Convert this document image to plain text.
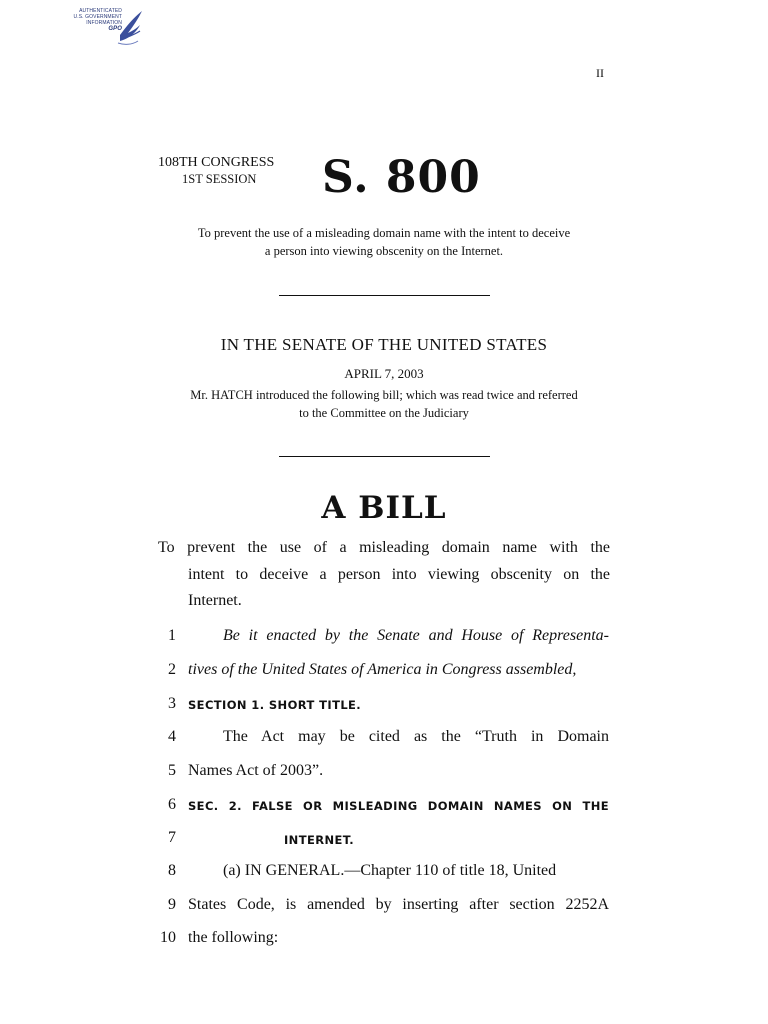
AUTHENTICATED
U.S. GOVERNMENT
INFORMATION
GPO
II
108TH CONGRESS
1ST SESSION S. 800
To prevent the use of a misleading domain name with the intent to deceive
a person into viewing obscenity on the Internet.
IN THE SENATE OF THE UNITED STATES
APRIL 7, 2003
Mr. HATCH introduced the following bill; which was read twice and referred
to the Committee on the Judiciary
A BILL
To prevent the use of a misleading domain name with the
intent to deceive a person into viewing obscenity on the
Internet.
1	Be it enacted by the Senate and House of Representa-
2 tives of the United States of America in Congress assembled,
3 SECTION 1. SHORT TITLE.
4	The Act may be cited as the “Truth in Domain
5 Names Act of 2003”.
6 SEC. 2. FALSE OR MISLEADING DOMAIN NAMES ON THE
7	INTERNET.
8	(a) IN GENERAL.—Chapter 110 of title 18, United
9 States Code, is amended by inserting after section 2252A
10 the following:
